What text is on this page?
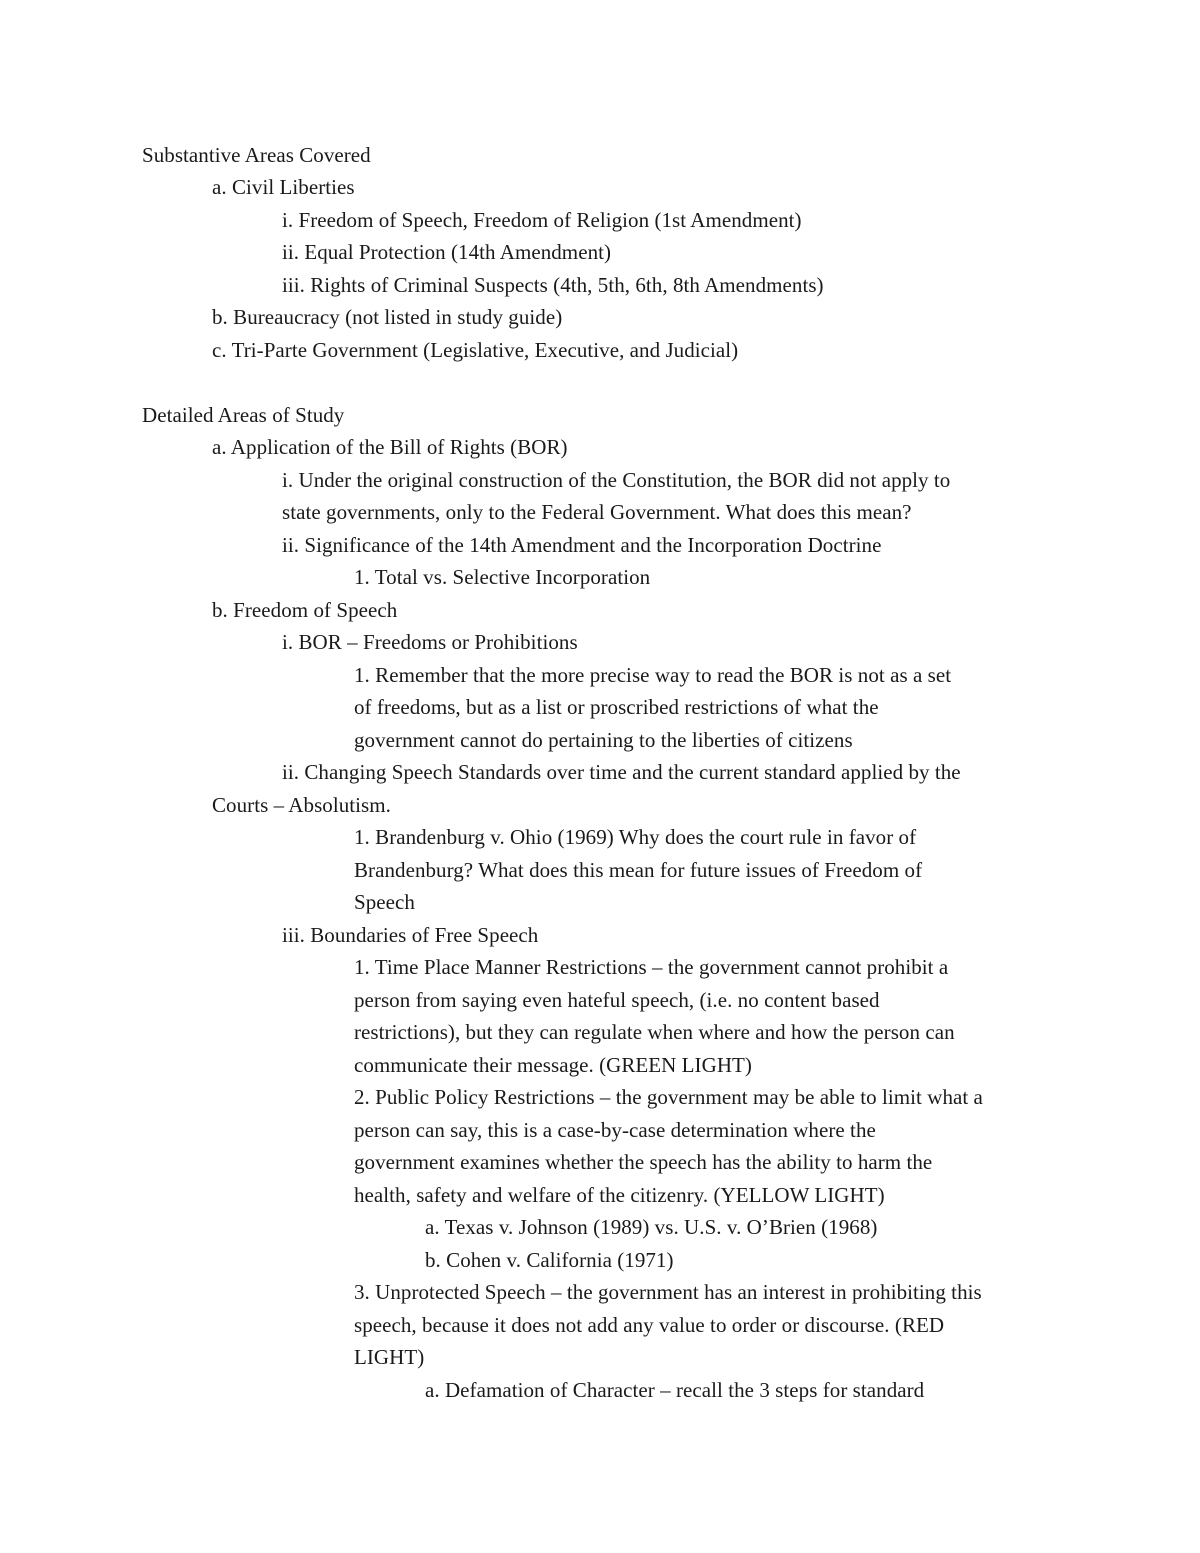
Substantive Areas Covered
a. Civil Liberties
i. Freedom of Speech, Freedom of Religion (1st Amendment)
ii. Equal Protection (14th Amendment)
iii. Rights of Criminal Suspects (4th, 5th, 6th, 8th Amendments)
b. Bureaucracy (not listed in study guide)
c. Tri-Parte Government (Legislative, Executive, and Judicial)
Detailed Areas of Study
a. Application of the Bill of Rights (BOR)
i. Under the original construction of the Constitution, the BOR did not apply to
state governments, only to the Federal Government. What does this mean?
ii. Significance of the 14th Amendment and the Incorporation Doctrine
1. Total vs. Selective Incorporation
b. Freedom of Speech
i. BOR – Freedoms or Prohibitions
1. Remember that the more precise way to read the BOR is not as a set
of freedoms, but as a list or proscribed restrictions of what the
government cannot do pertaining to the liberties of citizens
ii. Changing Speech Standards over time and the current standard applied by the
Courts – Absolutism.
1. Brandenburg v. Ohio (1969) Why does the court rule in favor of
Brandenburg? What does this mean for future issues of Freedom of
Speech
iii. Boundaries of Free Speech
1. Time Place Manner Restrictions – the government cannot prohibit a
person from saying even hateful speech, (i.e. no content based
restrictions), but they can regulate when where and how the person can
communicate their message. (GREEN LIGHT)
2. Public Policy Restrictions – the government may be able to limit what a
person can say, this is a case-by-case determination where the
government examines whether the speech has the ability to harm the
health, safety and welfare of the citizenry. (YELLOW LIGHT)
a. Texas v. Johnson (1989) vs. U.S. v. O’Brien (1968)
b. Cohen v. California (1971)
3. Unprotected Speech – the government has an interest in prohibiting this
speech, because it does not add any value to order or discourse. (RED
LIGHT)
a. Defamation of Character – recall the 3 steps for standard
